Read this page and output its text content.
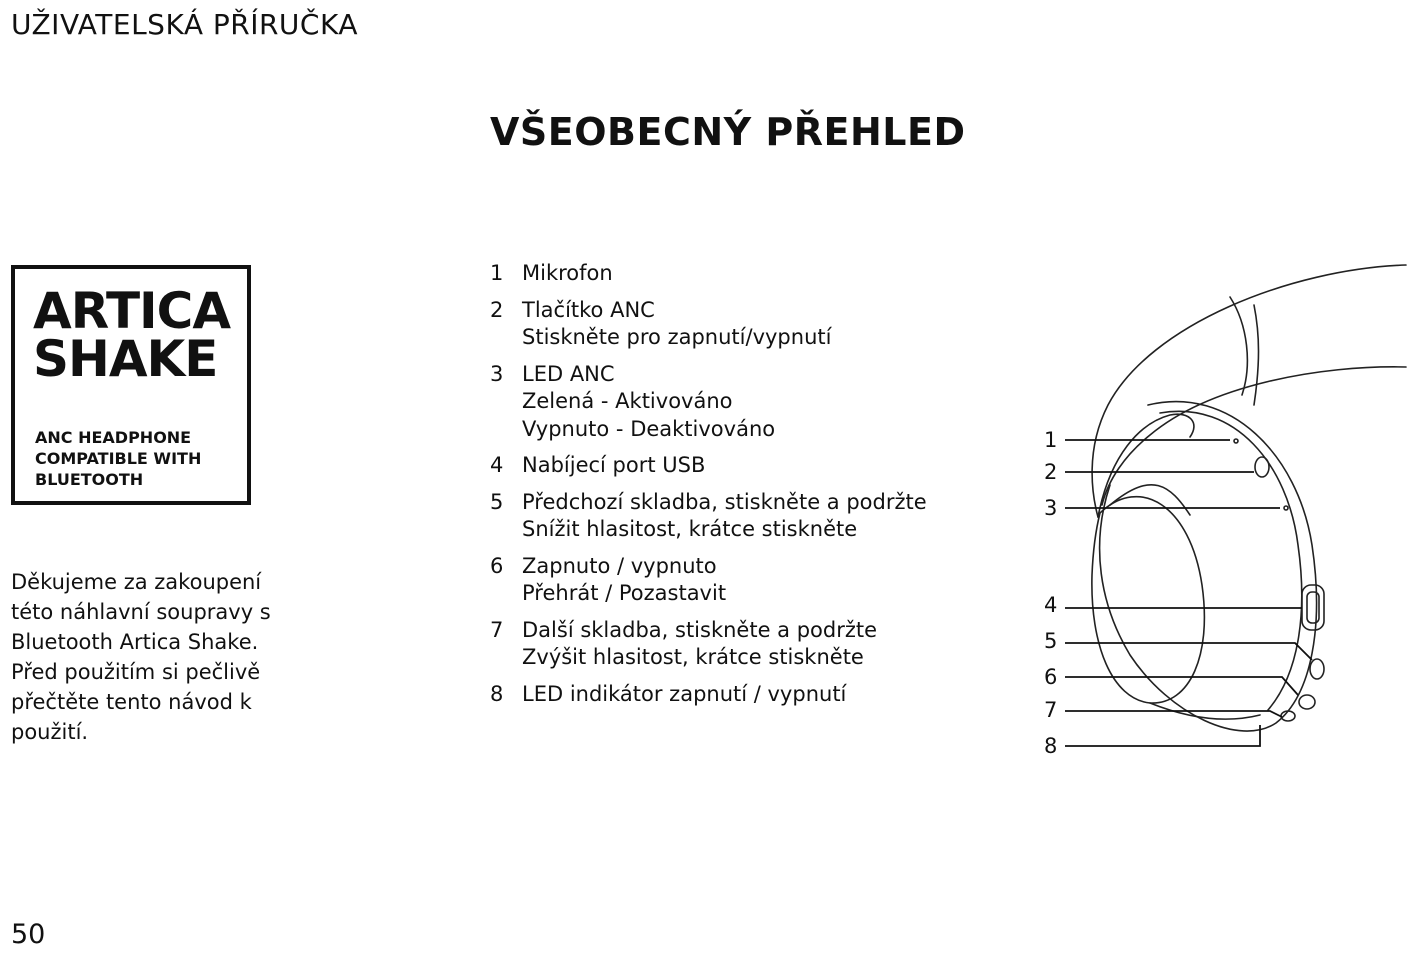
UŽIVATELSKÁ PŘÍRUČKA
VŠEOBECNÝ PŘEHLED

ARTICA
SHAKE

ANC HEADPHONE
COMPATIBLE WITH
BLUETOOTH

Děkujeme za zakoupení této náhlavní soupravy s Bluetooth Artica Shake. Před použitím si pečlivě přečtěte tento návod k použití.
1 Mikrofon
2 Tlačítko ANC
Stiskněte pro zapnutí/vypnutí
3 LED ANC
Zelená - Aktivováno
Vypnuto - Deaktivováno
4 Nabíjecí port USB
5 Předchozí skladba, stiskněte a podržte
Snížit hlasitost, krátce stiskněte
6 Zapnuto / vypnuto
Přehrát / Pozastavit
7 Další skladba, stiskněte a podržte
Zvýšit hlasitost, krátce stiskněte
8 LED indikátor zapnutí / vypnutí
1
2
3
4
5
6
7
8
50
